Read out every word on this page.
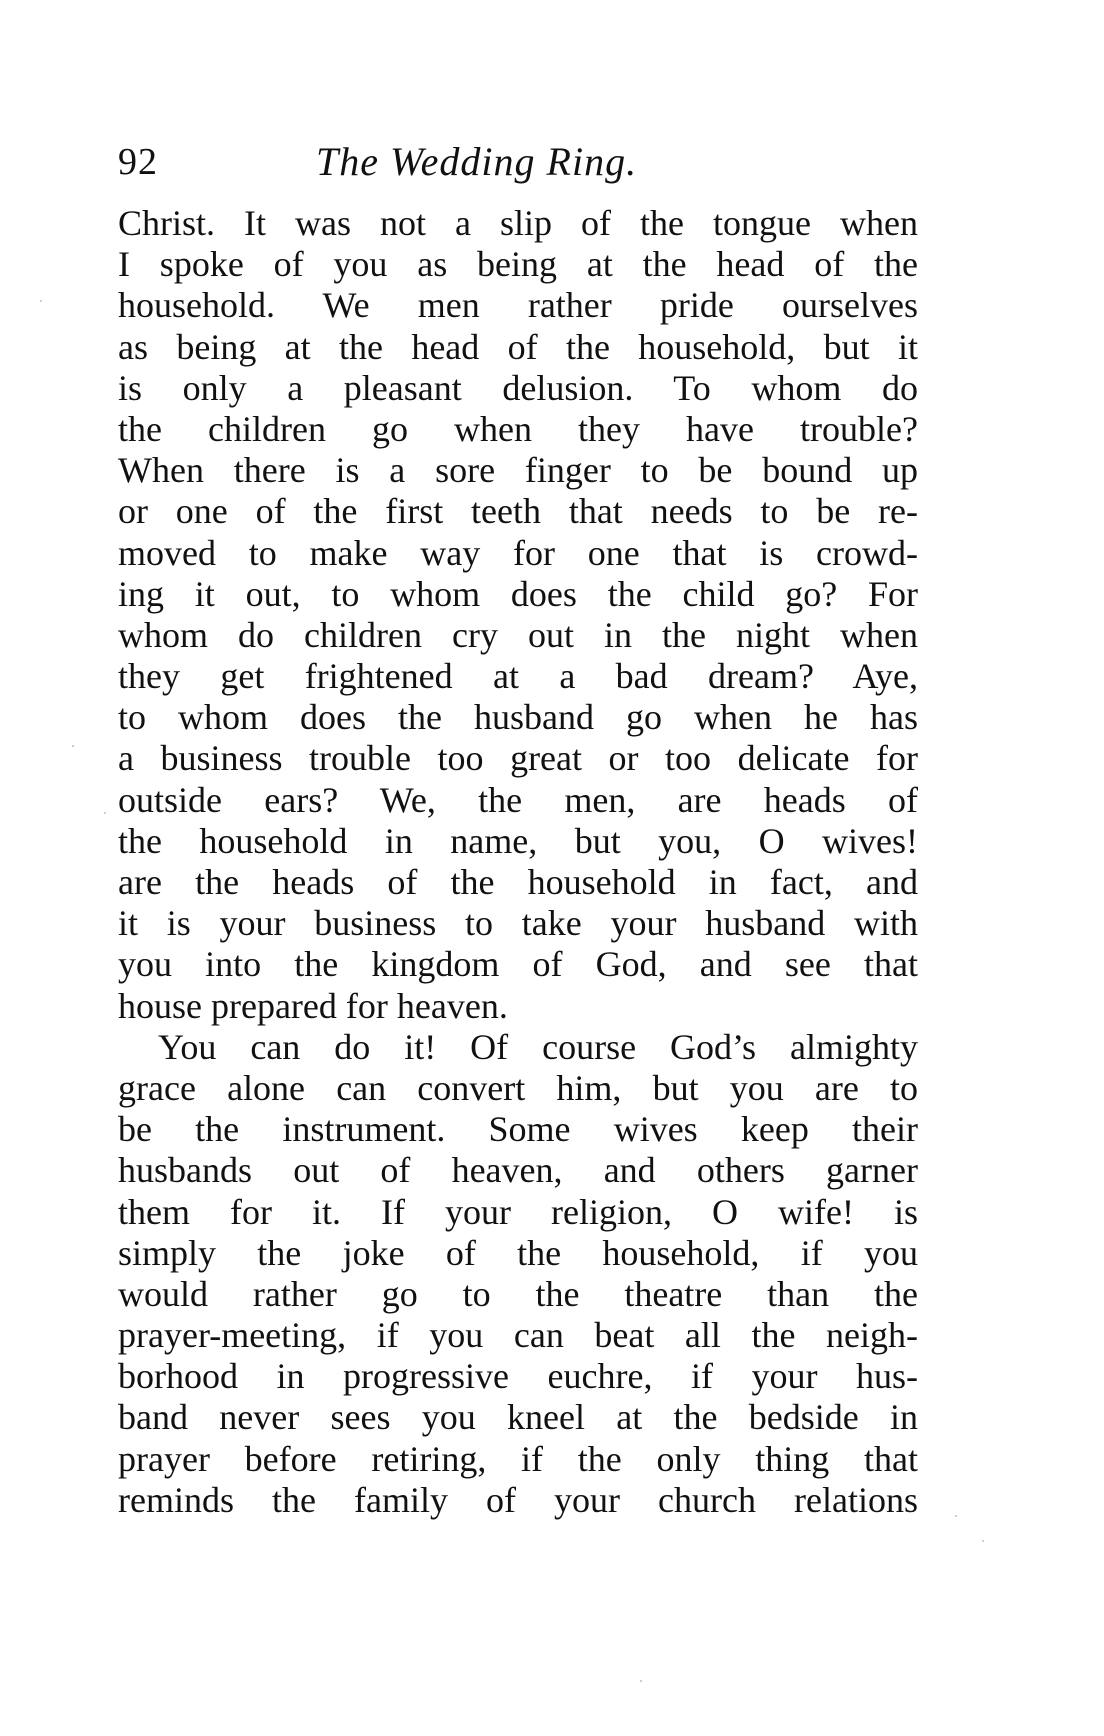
92	The Wedding Ring.
Christ. It was not a slip of the tongue when
I spoke of you as being at the head of the
household. We men rather pride ourselves
as being at the head of the household, but it
is only a pleasant delusion. To whom do
the children go when they have trouble?
When there is a sore finger to be bound up
or one of the first teeth that needs to be re-
moved to make way for one that is crowd-
ing it out, to whom does the child go? For
whom do children cry out in the night when
they get frightened at a bad dream? Aye,
to whom does the husband go when he has
a business trouble too great or too delicate for
outside ears? We, the men, are heads of
the household in name, but you, O wives!
are the heads of the household in fact, and
it is your business to take your husband with
you into the kingdom of God, and see that
house prepared for heaven.
You can do it! Of course God’s almighty
grace alone can convert him, but you are to
be the instrument. Some wives keep their
husbands out of heaven, and others garner
them for it. If your religion, O wife! is
simply the joke of the household, if you
would rather go to the theatre than the
prayer-meeting, if you can beat all the neigh-
borhood in progressive euchre, if your hus-
band never sees you kneel at the bedside in
prayer before retiring, if the only thing that
reminds the family of your church relations
